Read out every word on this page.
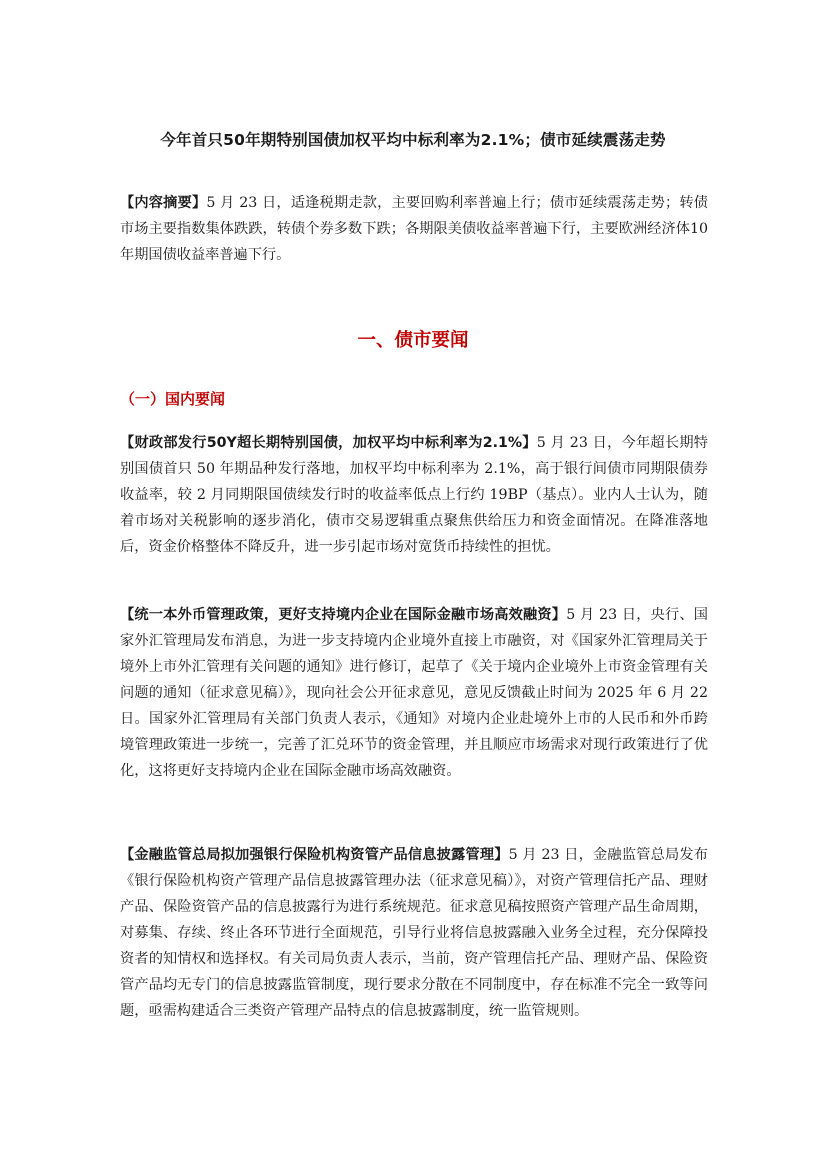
今年首只50年期特别国债加权平均中标利率为2.1%；债市延续震荡走势

【内容摘要】5 月 23 日，适逢税期走款，主要回购利率普遍上行；债市延续震荡走势；转债市场主要指数集体跌跌，转债个券多数下跌；各期限美债收益率普遍下行，主要欧洲经济体10年期国债收益率普遍下行。

一、债市要闻
（一）国内要闻

【财政部发行50Y超长期特别国债，加权平均中标利率为2.1%】5 月 23 日，今年超长期特别国债首只 50 年期品种发行落地，加权平均中标利率为 2.1%，高于银行间债市同期限债券收益率，较 2 月同期限国债续发行时的收益率低点上行约 19BP（基点）。业内人士认为，随着市场对关税影响的逐步消化，债市交易逻辑重点聚焦供给压力和资金面情况。在降准落地后，资金价格整体不降反升，进一步引起市场对宽货币持续性的担忧。

【统一本外币管理政策，更好支持境内企业在国际金融市场高效融资】5 月 23 日，央行、国家外汇管理局发布消息，为进一步支持境内企业境外直接上市融资，对《国家外汇管理局关于境外上市外汇管理有关问题的通知》进行修订，起草了《关于境内企业境外上市资金管理有关问题的通知（征求意见稿）》，现向社会公开征求意见，意见反馈截止时间为 2025 年 6 月 22 日。国家外汇管理局有关部门负责人表示，《通知》对境内企业赴境外上市的人民币和外币跨境管理政策进一步统一，完善了汇兑环节的资金管理，并且顺应市场需求对现行政策进行了优化，这将更好支持境内企业在国际金融市场高效融资。

【金融监管总局拟加强银行保险机构资管产品信息披露管理】5 月 23 日，金融监管总局发布《银行保险机构资产管理产品信息披露管理办法（征求意见稿）》，对资产管理信托产品、理财产品、保险资管产品的信息披露行为进行系统规范。征求意见稿按照资产管理产品生命周期，对募集、存续、终止各环节进行全面规范，引导行业将信息披露融入业务全过程，充分保障投资者的知情权和选择权。有关司局负责人表示，当前，资产管理信托产品、理财产品、保险资管产品均无专门的信息披露监管制度，现行要求分散在不同制度中，存在标准不完全一致等问题，亟需构建适合三类资产管理产品特点的信息披露制度，统一监管规则。
